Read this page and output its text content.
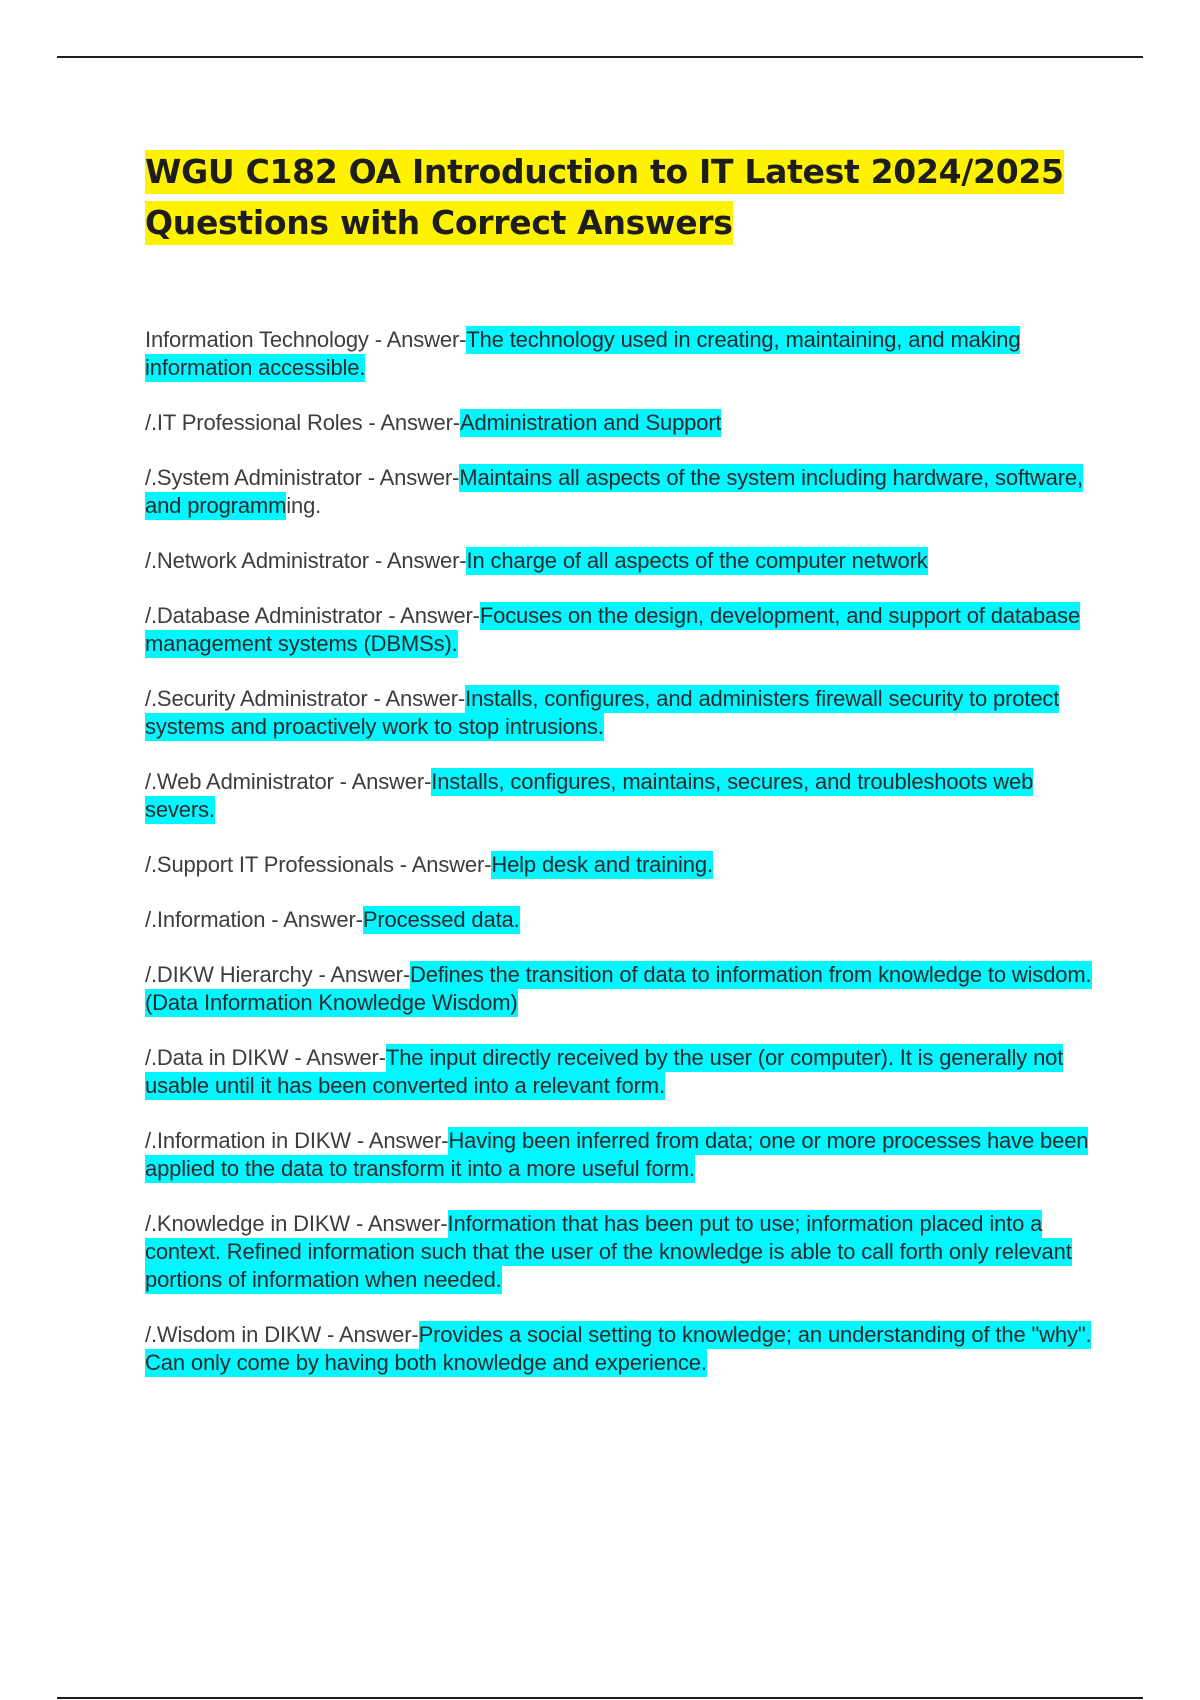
WGU C182 OA Introduction to IT Latest 2024/2025 Questions with Correct Answers

Information Technology - Answer-The technology used in creating, maintaining, and making information accessible.

/.IT Professional Roles - Answer-Administration and Support

/.System Administrator - Answer-Maintains all aspects of the system including hardware, software, and programming.

/.Network Administrator - Answer-In charge of all aspects of the computer network

/.Database Administrator - Answer-Focuses on the design, development, and support of database management systems (DBMSs).

/.Security Administrator - Answer-Installs, configures, and administers firewall security to protect systems and proactively work to stop intrusions.

/.Web Administrator - Answer-Installs, configures, maintains, secures, and troubleshoots web severs.

/.Support IT Professionals - Answer-Help desk and training.

/.Information - Answer-Processed data.

/.DIKW Hierarchy - Answer-Defines the transition of data to information from knowledge to wisdom. (Data Information Knowledge Wisdom)

/.Data in DIKW - Answer-The input directly received by the user (or computer). It is generally not usable until it has been converted into a relevant form.

/.Information in DIKW - Answer-Having been inferred from data; one or more processes have been applied to the data to transform it into a more useful form.

/.Knowledge in DIKW - Answer-Information that has been put to use; information placed into a context. Refined information such that the user of the knowledge is able to call forth only relevant portions of information when needed.

/.Wisdom in DIKW - Answer-Provides a social setting to knowledge; an understanding of the "why". Can only come by having both knowledge and experience.
